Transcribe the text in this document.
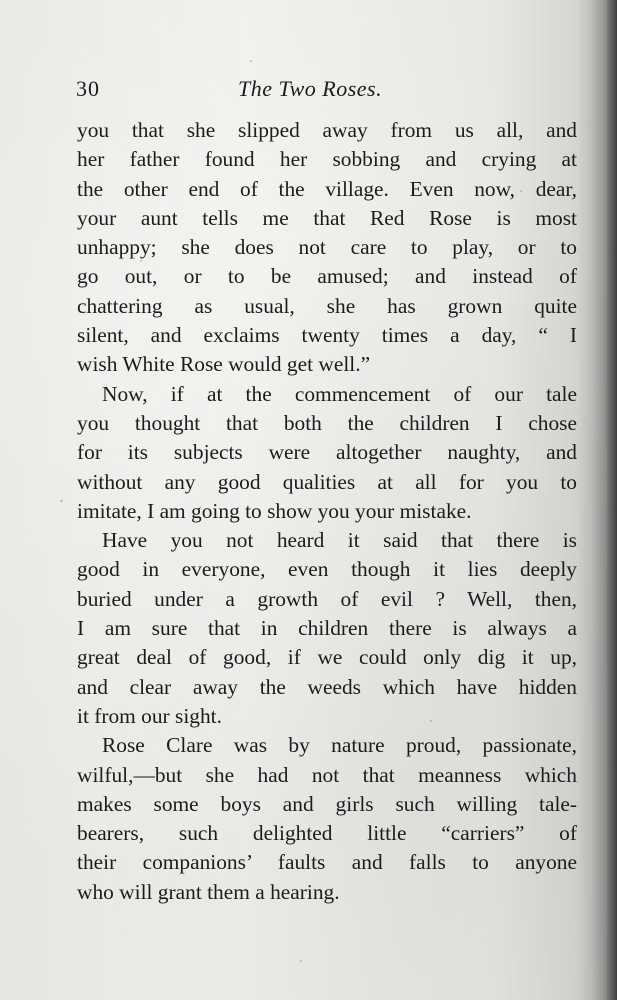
30	The Two Roses.
you that she slipped away from us all, and
her father found her sobbing and crying at
the other end of the village. Even now, dear,
your aunt tells me that Red Rose is most
unhappy; she does not care to play, or to
go out, or to be amused; and instead of
chattering as usual, she has grown quite
silent, and exclaims twenty times a day, “ I
wish White Rose would get well.”
Now, if at the commencement of our tale
you thought that both the children I chose
for its subjects were altogether naughty, and
without any good qualities at all for you to
imitate, I am going to show you your mistake.
Have you not heard it said that there is
good in everyone, even though it lies deeply
buried under a growth of evil ? Well, then,
I am sure that in children there is always a
great deal of good, if we could only dig it up,
and clear away the weeds which have hidden
it from our sight.
Rose Clare was by nature proud, passionate,
wilful,—but she had not that meanness which
makes some boys and girls such willing tale-
bearers, such delighted little “carriers” of
their companions’ faults and falls to anyone
who will grant them a hearing.
